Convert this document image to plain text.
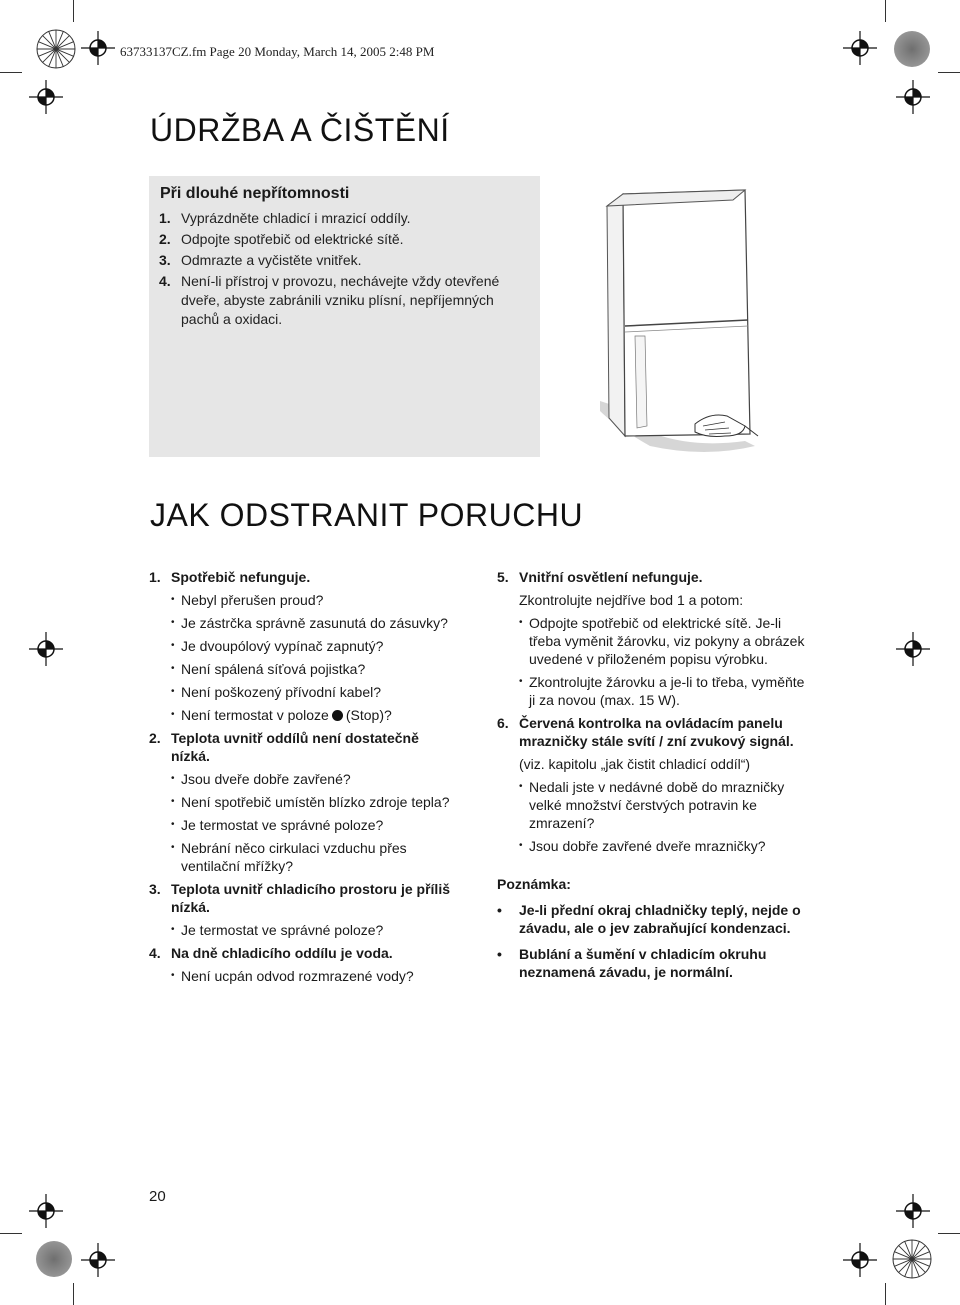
63733137CZ.fm Page 20 Monday, March 14, 2005 2:48 PM
ÚDRŽBA A ČIŠTĚNÍ
Při dlouhé nepřítomnosti
1. Vyprázdněte chladicí i mrazicí oddíly.
2. Odpojte spotřebič od elektrické sítě.
3. Odmrazte a vyčistěte vnitřek.
4. Není-li přístroj v provozu, nechávejte vždy otevřené dveře, abyste zabránili vzniku plísní, nepříjemných pachů a oxidaci.
JAK ODSTRANIT PORUCHU
1. Spotřebič nefunguje.
• Nebyl přerušen proud?
• Je zástrčka správně zasunutá do zásuvky?
• Je dvoupólový vypínač zapnutý?
• Není spálená síťová pojistka?
• Není poškozený přívodní kabel?
• Není termostat v poloze (Stop)?
2. Teplota uvnitř oddílů není dostatečně nízká.
• Jsou dveře dobře zavřené?
• Není spotřebič umístěn blízko zdroje tepla?
• Je termostat ve správné poloze?
• Nebrání něco cirkulaci vzduchu přes ventilační mřížky?
3. Teplota uvnitř chladicího prostoru je příliš nízká.
• Je termostat ve správné poloze?
4. Na dně chladicího oddílu je voda.
• Není ucpán odvod rozmrazené vody?
5. Vnitřní osvětlení nefunguje.
Zkontrolujte nejdříve bod 1 a potom:
• Odpojte spotřebič od elektrické sítě. Je-li třeba vyměnit žárovku, viz pokyny a obrázek uvedené v přiloženém popisu výrobku.
• Zkontrolujte žárovku a je-li to třeba, vyměňte ji za novou (max. 15 W).
6. Červená kontrolka na ovládacím panelu mrazničky stále svítí / zní zvukový signál.
(viz. kapitolu „jak čistit chladicí oddíl“)
• Nedali jste v nedávné době do mrazničky velké množství čerstvých potravin ke zmrazení?
• Jsou dobře zavřené dveře mrazničky?
Poznámka:
•	Je-li přední okraj chladničky teplý, nejde o závadu, ale o jev zabraňující kondenzaci.
•	Bublání a šumění v chladicím okruhu neznamená závadu, je normální.
20
